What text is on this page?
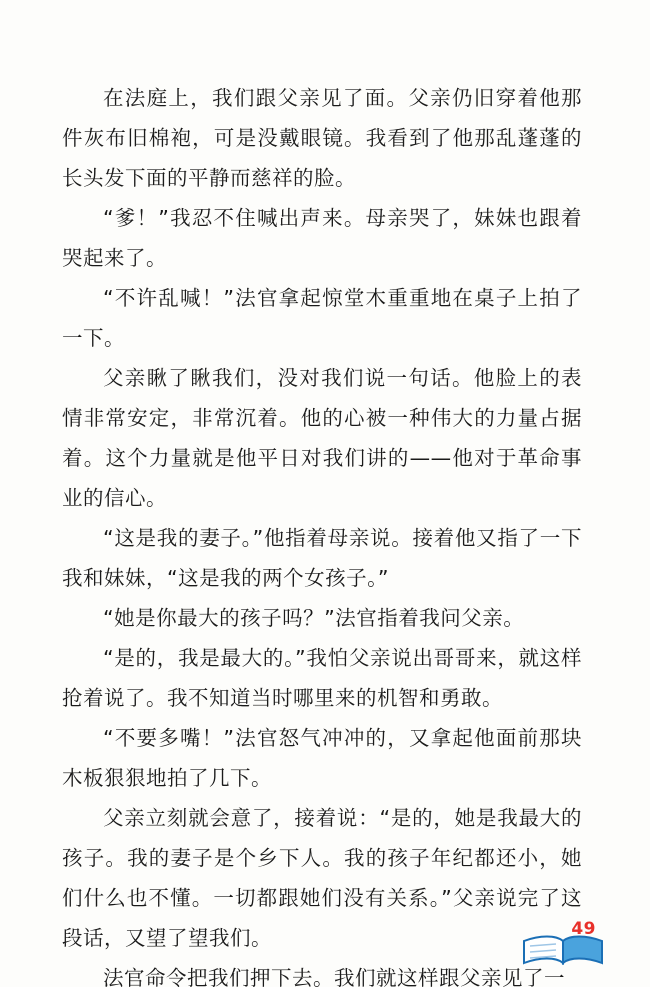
在法庭上，我们跟父亲见了面。父亲仍旧穿着他那件灰布旧棉袍，可是没戴眼镜。我看到了他那乱蓬蓬的长头发下面的平静而慈祥的脸。

“爹！”我忍不住喊出声来。母亲哭了，妹妹也跟着哭起来了。

“不许乱喊！”法官拿起惊堂木重重地在桌子上拍了一下。

父亲瞅了瞅我们，没对我们说一句话。他脸上的表情非常安定，非常沉着。他的心被一种伟大的力量占据着。这个力量就是他平日对我们讲的——他对于革命事业的信心。

“这是我的妻子。”他指着母亲说。接着他又指了一下我和妹妹，“这是我的两个女孩子。”

“她是你最大的孩子吗？”法官指着我问父亲。

“是的，我是最大的。”我怕父亲说出哥哥来，就这样抢着说了。我不知道当时哪里来的机智和勇敢。

“不要多嘴！”法官怒气冲冲的，又拿起他面前那块木板狠狠地拍了几下。

父亲立刻就会意了，接着说：“是的，她是我最大的孩子。我的妻子是个乡下人。我的孩子年纪都还小，她们什么也不懂。一切都跟她们没有关系。”父亲说完了这段话，又望了望我们。

法官命令把我们押下去。我们就这样跟父亲见了一

49
